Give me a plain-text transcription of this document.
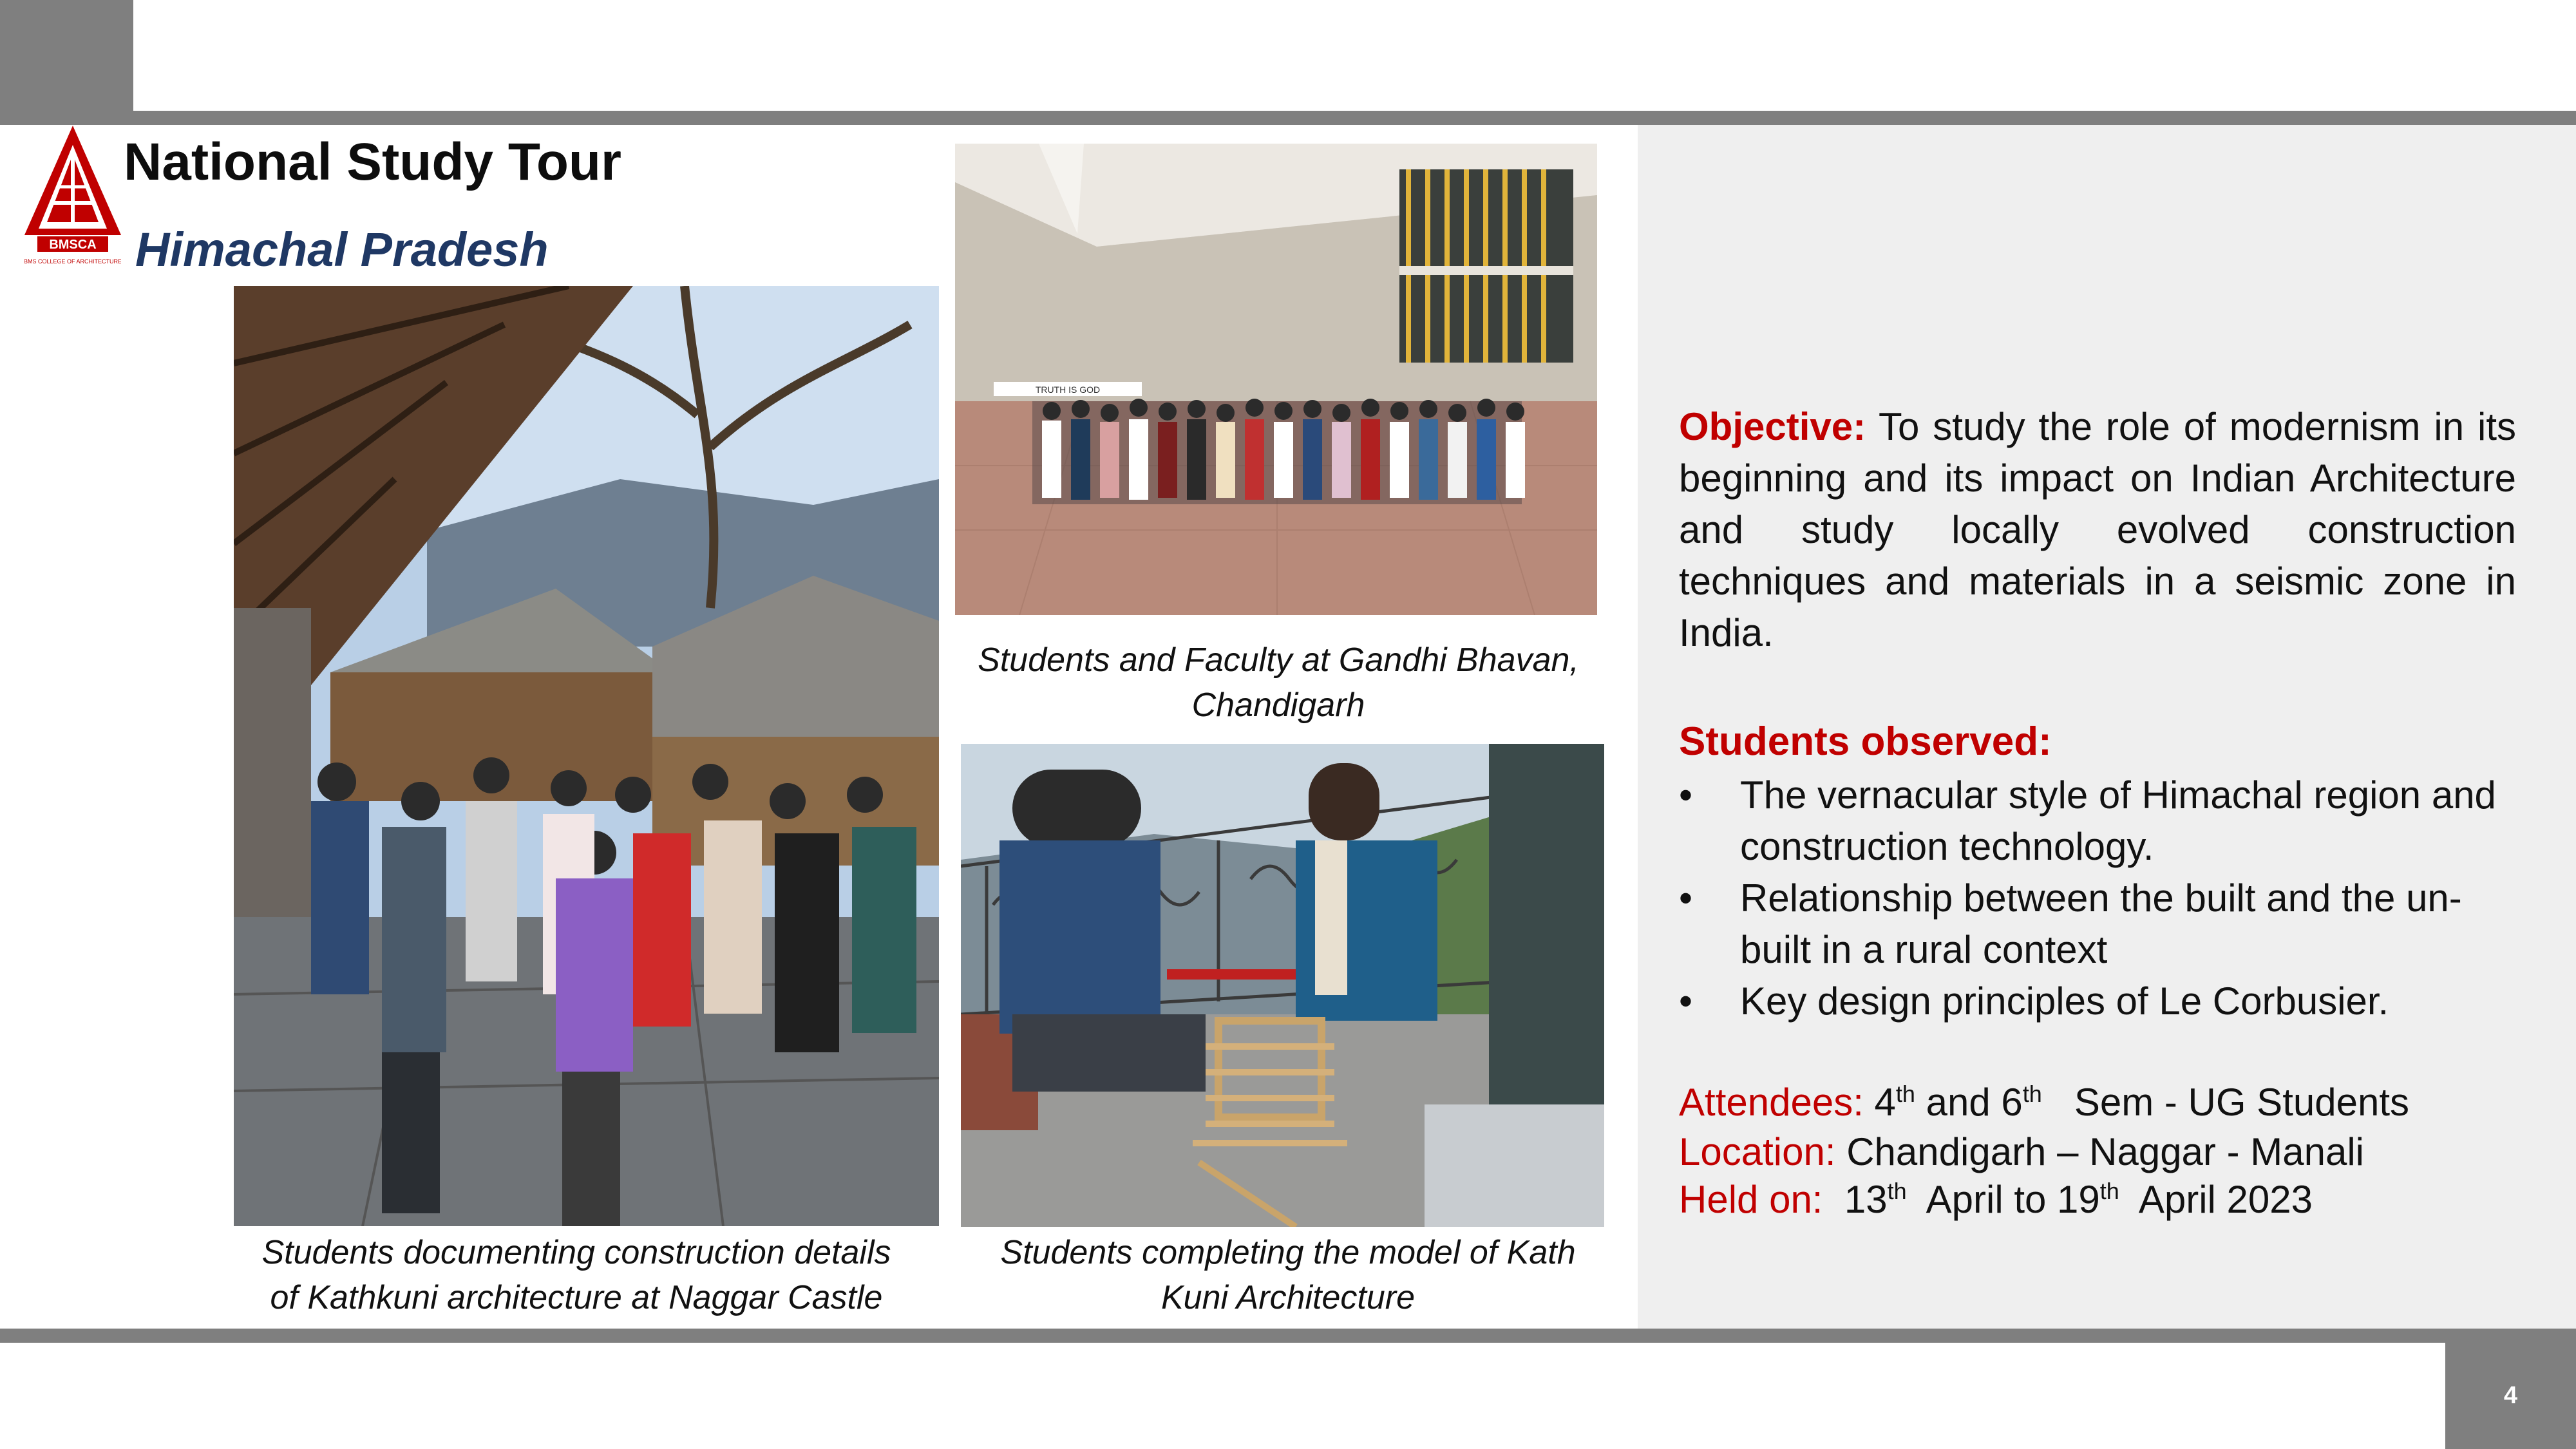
4
BMSCA
BMS COLLEGE OF ARCHITECTURE
National Study Tour
Himachal Pradesh
TRUTH IS GOD
Students and Faculty at Gandhi Bhavan,
Chandigarh
Students documenting construction details
of Kathkuni architecture at Naggar Castle
Students completing the model of Kath
Kuni Architecture
Objective: To study the role of modernism in its beginning and its impact on Indian Architecture and study locally evolved construction techniques and materials in a seismic zone in India.
Students observed:
•	The vernacular style of Himachal region and construction technology.
•	Relationship between the built and the un-built in a rural context
•	Key design principles of Le Corbusier.
Attendees: 4th and 6th   Sem - UG Students
Location: Chandigarh – Naggar - Manali
Held on: 13th  April to 19th  April 2023
